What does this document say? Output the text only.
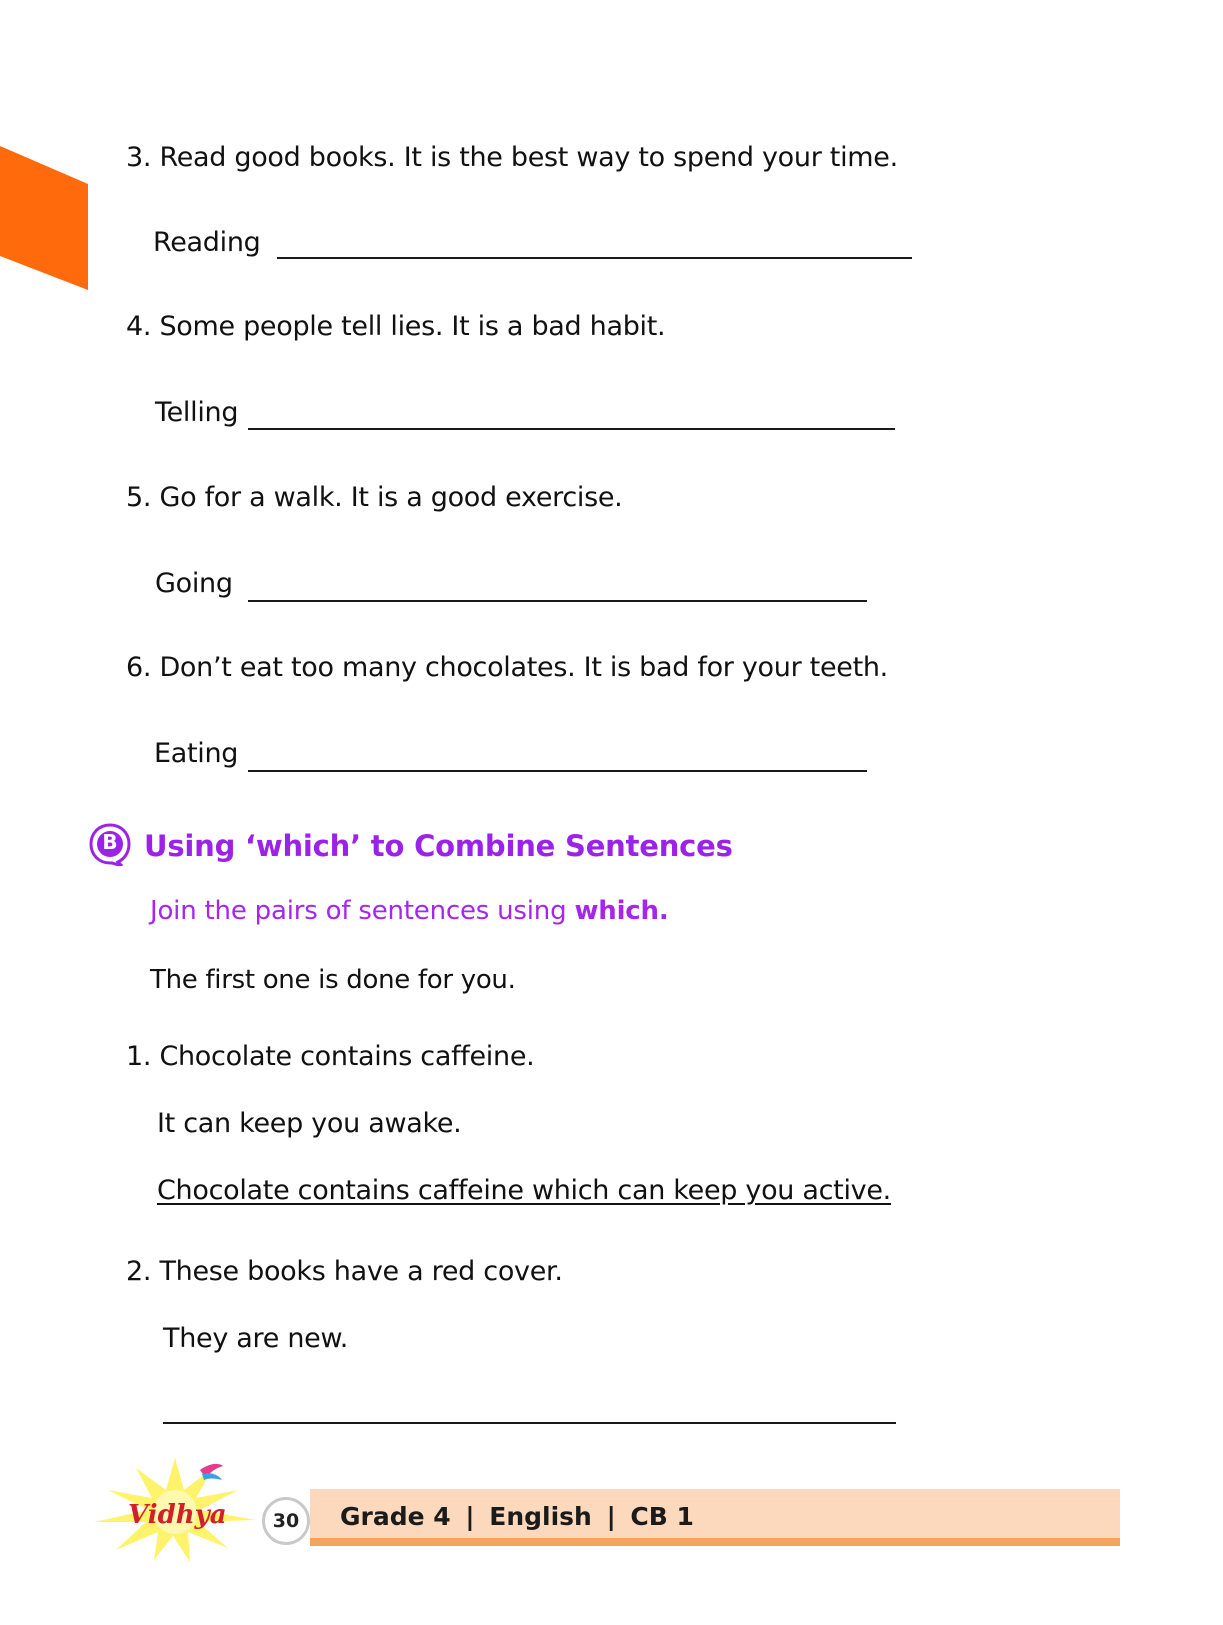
3. Read good books. It is the best way to spend your time.
Reading
4. Some people tell lies. It is a bad habit.
Telling
5. Go for a walk. It is a good exercise.
Going
6. Don’t eat too many chocolates. It is bad for your teeth.
Eating
B Using ‘which’ to Combine Sentences
Join the pairs of sentences using which.
The first one is done for you.
1. Chocolate contains caffeine.
It can keep you awake.
Chocolate contains caffeine which can keep you active.
2. These books have a red cover.
They are new.
Vidhya	30	Grade 4 | English | CB 1
